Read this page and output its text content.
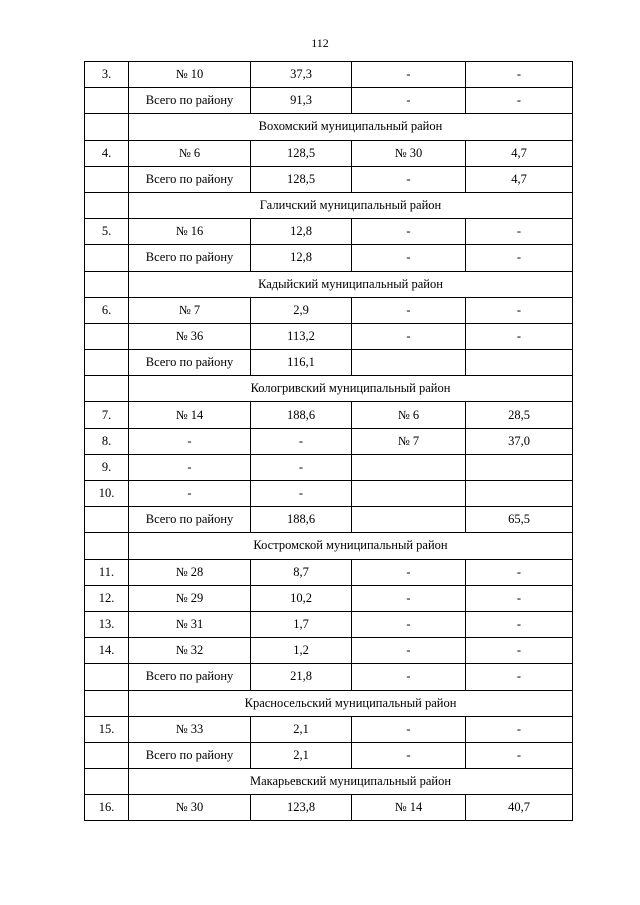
112
3.	№ 10	37,3	-	-
	Всего по району	91,3	-	-
	Вохомский муниципальный район			
4.	№ 6	128,5	№ 30	4,7
	Всего по району	128,5	-	4,7
	Галичский муниципальный район			
5.	№ 16	12,8	-	-
	Всего по району	12,8	-	-
	Кадыйский муниципальный район			
6.	№ 7	2,9	-	-
	№ 36	113,2	-	-
	Всего по району	116,1		
	Кологривский муниципальный район			
7.	№ 14	188,6	№ 6	28,5
8.	-	-	№ 7	37,0
9.	-	-		
10.	-	-		
	Всего по району	188,6		65,5
	Костромской муниципальный район			
11.	№ 28	8,7	-	-
12.	№ 29	10,2	-	-
13.	№ 31	1,7	-	-
14.	№ 32	1,2	-	-
	Всего по району	21,8	-	-
	Красносельский муниципальный район			
15.	№ 33	2,1	-	-
	Всего по району	2,1	-	-
	Макарьевский муниципальный район			
16.	№ 30	123,8	№ 14	40,7
